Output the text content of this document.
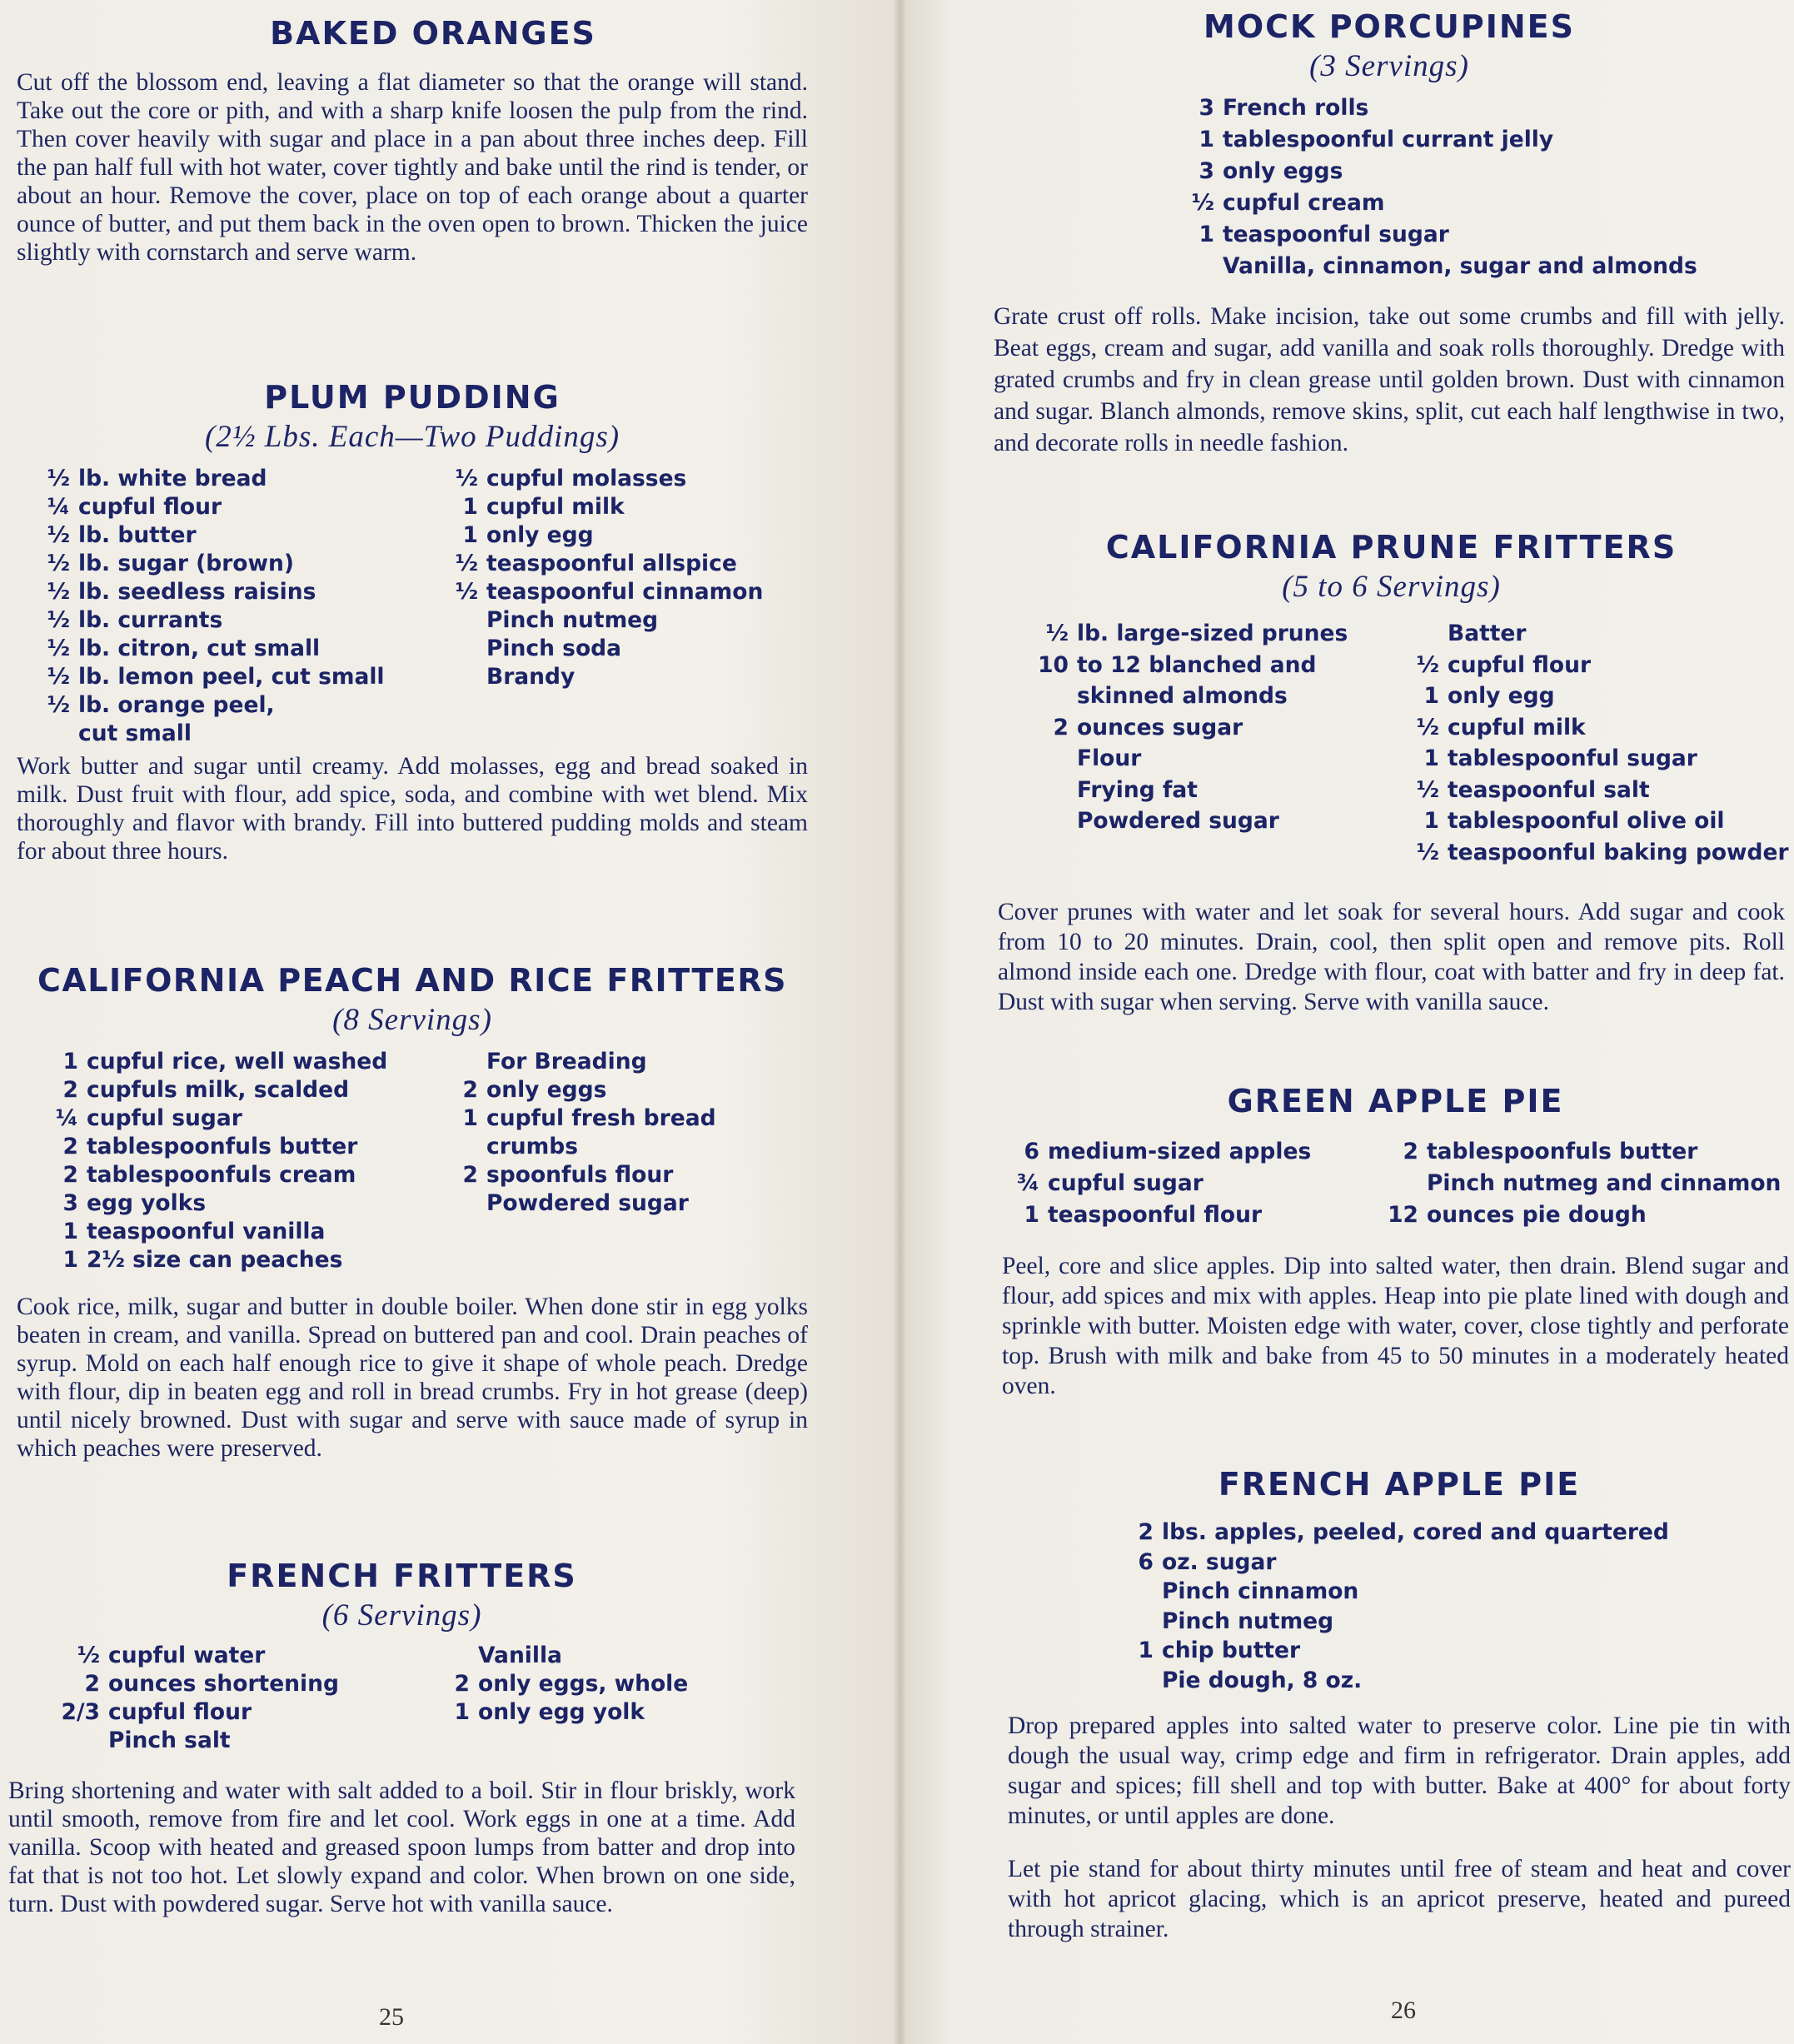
BAKED ORANGES

Cut off the blossom end, leaving a flat diameter so that the orange will stand. Take out the core or pith, and with a sharp knife loosen the pulp from the rind. Then cover heavily with sugar and place in a pan about three inches deep. Fill the pan half full with hot water, cover tightly and bake until the rind is tender, or about an hour. Remove the cover, place on top of each orange about a quarter ounce of butter, and put them back in the oven open to brown. Thicken the juice slightly with cornstarch and serve warm.

PLUM PUDDING
(2½ Lbs. Each—Two Puddings)
½ lb. white bread
¼ cupful flour
½ lb. butter
½ lb. sugar (brown)
½ lb. seedless raisins
½ lb. currants
½ lb. citron, cut small
½ lb. lemon peel, cut small
½ lb. orange peel,
cut small
½ cupful molasses
1 cupful milk
1 only egg
½ teaspoonful allspice
½ teaspoonful cinnamon
Pinch nutmeg
Pinch soda
Brandy

Work butter and sugar until creamy. Add molasses, egg and bread soaked in milk. Dust fruit with flour, add spice, soda, and combine with wet blend. Mix thoroughly and flavor with brandy. Fill into buttered pudding molds and steam for about three hours.

CALIFORNIA PEACH AND RICE FRITTERS
(8 Servings)
1 cupful rice, well washed
2 cupfuls milk, scalded
¼ cupful sugar
2 tablespoonfuls butter
2 tablespoonfuls cream
3 egg yolks
1 teaspoonful vanilla
1 2½ size can peaches
For Breading
2 only eggs
1 cupful fresh bread
crumbs
2 spoonfuls flour
Powdered sugar

Cook rice, milk, sugar and butter in double boiler. When done stir in egg yolks beaten in cream, and vanilla. Spread on buttered pan and cool. Drain peaches of syrup. Mold on each half enough rice to give it shape of whole peach. Dredge with flour, dip in beaten egg and roll in bread crumbs. Fry in hot grease (deep) until nicely browned. Dust with sugar and serve with sauce made of syrup in which peaches were preserved.

FRENCH FRITTERS
(6 Servings)
½ cupful water
2 ounces shortening
2/3 cupful flour
Pinch salt
Vanilla
2 only eggs, whole
1 only egg yolk

Bring shortening and water with salt added to a boil. Stir in flour briskly, work until smooth, remove from fire and let cool. Work eggs in one at a time. Add vanilla. Scoop with heated and greased spoon lumps from batter and drop into fat that is not too hot. Let slowly expand and color. When brown on one side, turn. Dust with powdered sugar. Serve hot with vanilla sauce.

25
MOCK PORCUPINES
(3 Servings)
3 French rolls
1 tablespoonful currant jelly
3 only eggs
½ cupful cream
1 teaspoonful sugar
Vanilla, cinnamon, sugar and almonds

Grate crust off rolls. Make incision, take out some crumbs and fill with jelly. Beat eggs, cream and sugar, add vanilla and soak rolls thoroughly. Dredge with grated crumbs and fry in clean grease until golden brown. Dust with cinnamon and sugar. Blanch almonds, remove skins, split, cut each half lengthwise in two, and decorate rolls in needle fashion.

CALIFORNIA PRUNE FRITTERS
(5 to 6 Servings)
½ lb. large-sized prunes
10 to 12 blanched and
skinned almonds
2 ounces sugar
Flour
Frying fat
Powdered sugar
Batter
½ cupful flour
1 only egg
½ cupful milk
1 tablespoonful sugar
½ teaspoonful salt
1 tablespoonful olive oil
½ teaspoonful baking powder

Cover prunes with water and let soak for several hours. Add sugar and cook from 10 to 20 minutes. Drain, cool, then split open and remove pits. Roll almond inside each one. Dredge with flour, coat with batter and fry in deep fat. Dust with sugar when serving. Serve with vanilla sauce.

GREEN APPLE PIE
6 medium-sized apples
¾ cupful sugar
1 teaspoonful flour
2 tablespoonfuls butter
Pinch nutmeg and cinnamon
12 ounces pie dough

Peel, core and slice apples. Dip into salted water, then drain. Blend sugar and flour, add spices and mix with apples. Heap into pie plate lined with dough and sprinkle with butter. Moisten edge with water, cover, close tightly and perforate top. Brush with milk and bake from 45 to 50 minutes in a moderately heated oven.

FRENCH APPLE PIE
2 lbs. apples, peeled, cored and quartered
6 oz. sugar
Pinch cinnamon
Pinch nutmeg
1 chip butter
Pie dough, 8 oz.

Drop prepared apples into salted water to preserve color. Line pie tin with dough the usual way, crimp edge and firm in refrigerator. Drain apples, add sugar and spices; fill shell and top with butter. Bake at 400° for about forty minutes, or until apples are done.

Let pie stand for about thirty minutes until free of steam and heat and cover with hot apricot glacing, which is an apricot preserve, heated and pureed through strainer.

26
